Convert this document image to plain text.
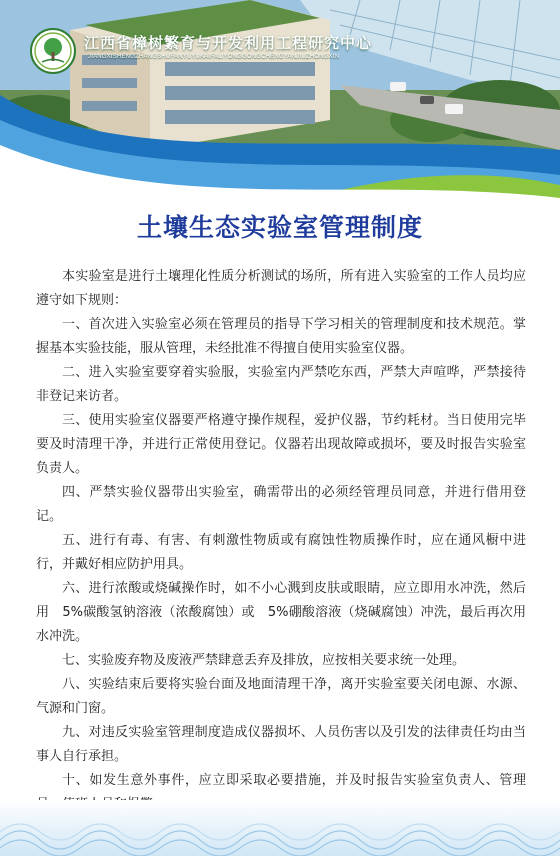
江西省樟树繁育与开发利用工程研究中心
JIANGXISHENGZHANGSHUFANYUYUKAIFALIYONGGONGCHENGYANJIUZHONGXIN
土壤生态实验室管理制度

本实验室是进行土壤理化性质分析测试的场所，所有进入实验室的工作人员均应遵守如下规则：

一、首次进入实验室必须在管理员的指导下学习相关的管理制度和技术规范。掌握基本实验技能，服从管理，未经批准不得擅自使用实验室仪器。

二、进入实验室要穿着实验服，实验室内严禁吃东西，严禁大声喧哗，严禁接待非登记来访者。

三、使用实验室仪器要严格遵守操作规程，爱护仪器，节约耗材。当日使用完毕要及时清理干净，并进行正常使用登记。仪器若出现故障或损坏，要及时报告实验室负责人。

四、严禁实验仪器带出实验室，确需带出的必须经管理员同意，并进行借用登记。

五、进行有毒、有害、有刺激性物质或有腐蚀性物质操作时，应在通风橱中进行，并戴好相应防护用具。

六、进行浓酸或烧碱操作时，如不小心溅到皮肤或眼睛，应立即用水冲洗，然后用　5%碳酸氢钠溶液（浓酸腐蚀）或　5%硼酸溶液（烧碱腐蚀）冲洗，最后再次用水冲洗。

七、实验废弃物及废液严禁肆意丢弃及排放，应按相关要求统一处理。

八、实验结束后要将实验台面及地面清理干净，离开实验室要关闭电源、水源、气源和门窗。

九、对违反实验室管理制度造成仪器损坏、人员伤害以及引发的法律责任均由当事人自行承担。

十、如发生意外事件，应立即采取必要措施，并及时报告实验室负责人、管理
